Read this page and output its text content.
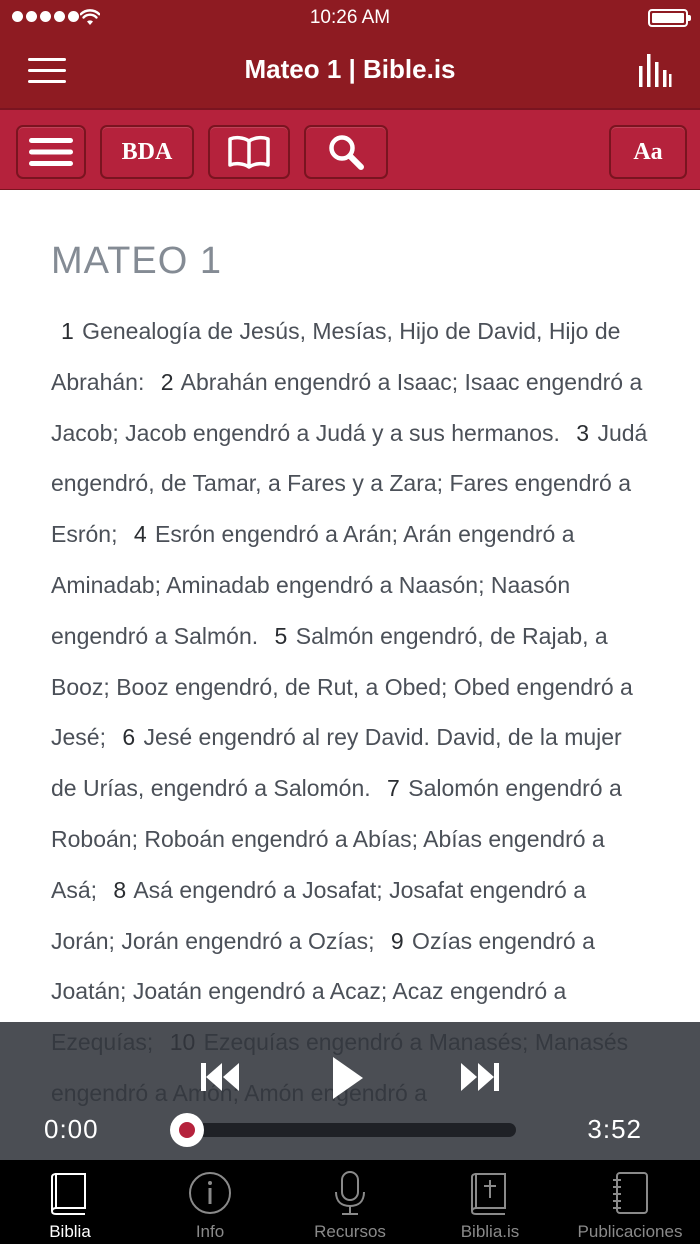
10:26 AM
Mateo 1 | Bible.is
BDA	Aa
MATEO 1
1 Genealogía de Jesús, Mesías, Hijo de David, Hijo de Abrahán: 2 Abrahán engendró a Isaac; Isaac engendró a Jacob; Jacob engendró a Judá y a sus hermanos. 3 Judá engendró, de Tamar, a Fares y a Zara; Fares engendró a Esrón; 4 Esrón engendró a Arán; Arán engendró a Aminadab; Aminadab engendró a Naasón; Naasón engendró a Salmón. 5 Salmón engendró, de Rajab, a Booz; Booz engendró, de Rut, a Obed; Obed engendró a Jesé; 6 Jesé engendró al rey David. David, de la mujer de Urías, engendró a Salomón. 7 Salomón engendró a Roboán; Roboán engendró a Abías; Abías engendró a Asá; 8 Asá engendró a Josafat; Josafat engendró a Jorán; Jorán engendró a Ozías; 9 Ozías engendró a Joatán; Joatán engendró a Acaz; Acaz engendró a
0:00	3:52
Biblia	Info	Recursos	Biblia.is	Publicaciones
